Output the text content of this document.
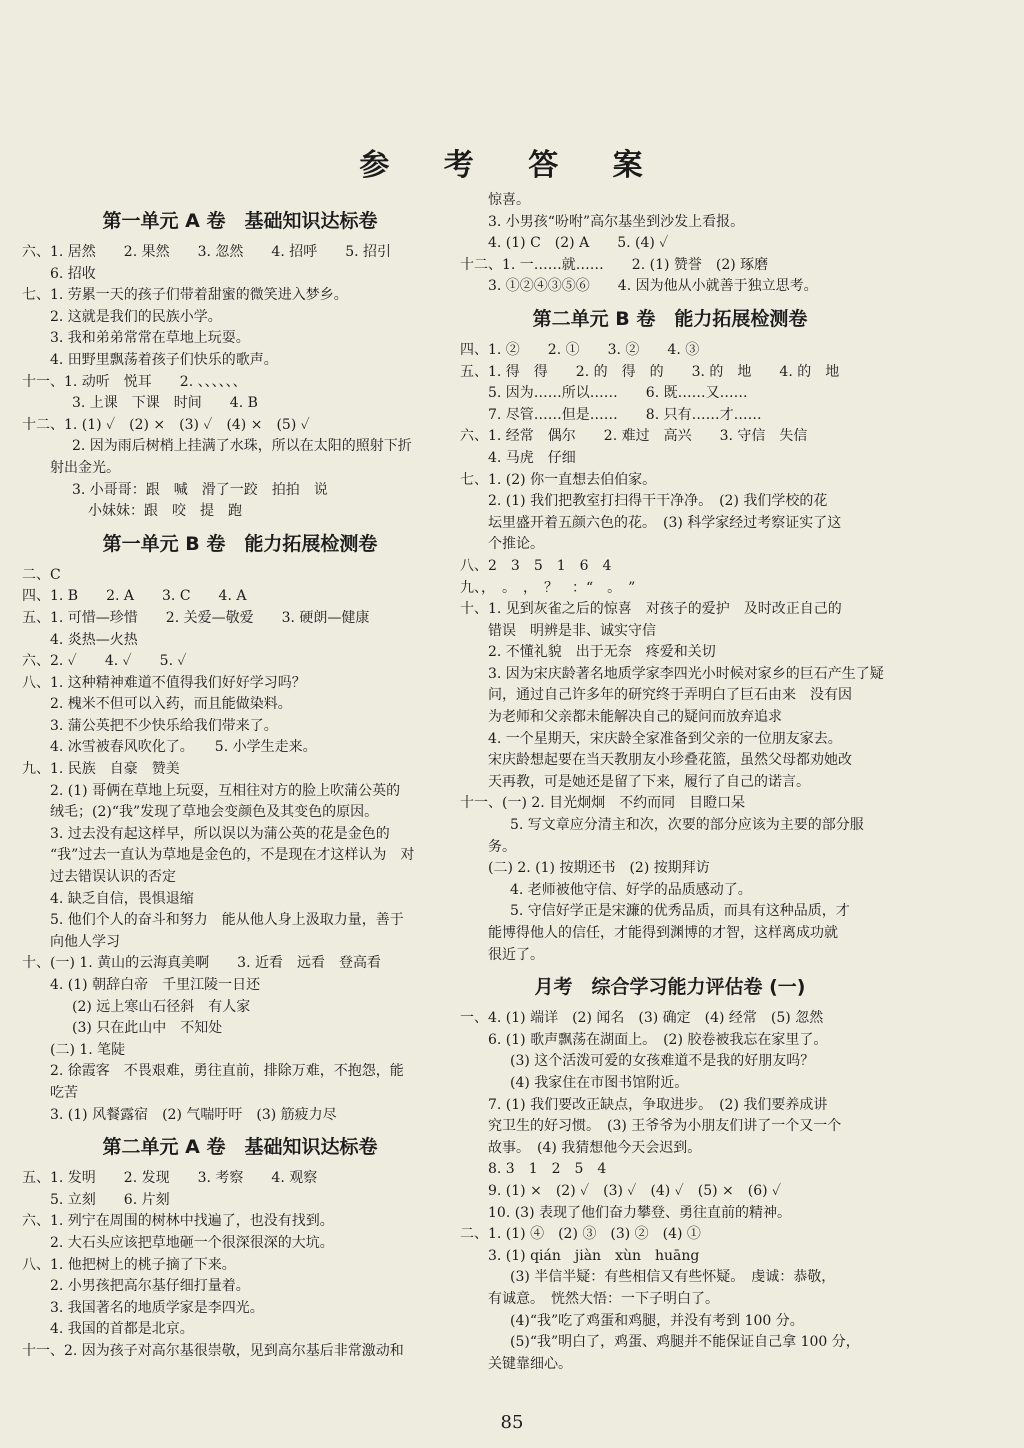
参 考 答 案
第一单元 A 卷　基础知识达标卷
六、1. 居然　　2. 果然　　3. 忽然　　4. 招呼　　5. 招引
6. 招收
七、1. 劳累一天的孩子们带着甜蜜的微笑进入梦乡。
2. 这就是我们的民族小学。
3. 我和弟弟常常在草地上玩耍。
4. 田野里飘荡着孩子们快乐的歌声。
十一、1. 动听　悦耳　　2. 、、、、、、
3. 上课　下课　时间　　4. B
十二、1. (1) ✓　(2) ×　(3) ✓　(4) ×　(5) ✓
2. 因为雨后树梢上挂满了水珠，所以在太阳的照射下折
射出金光。
3. 小哥哥：跟　喊　滑了一跤　拍拍　说
小妹妹：跟　咬　提　跑
第一单元 B 卷　能力拓展检测卷
二、C
四、1. B　　2. A　　3. C　　4. A
五、1. 可惜—珍惜　　2. 关爱—敬爱　　3. 硬朗—健康
4. 炎热—火热
六、2. ✓　　4. ✓　　5. ✓
八、1. 这种精神难道不值得我们好好学习吗？
2. 槐米不但可以入药，而且能做染料。
3. 蒲公英把不少快乐给我们带来了。
4. 冰雪被春风吹化了。　　5. 小学生走来。
九、1. 民族　自豪　赞美
2. (1) 哥俩在草地上玩耍，互相往对方的脸上吹蒲公英的
绒毛；(2)“我”发现了草地会变颜色及其变色的原因。
3. 过去没有起这样早，所以误以为蒲公英的花是金色的
“我”过去一直认为草地是金色的，不是现在才这样认为　对
过去错误认识的否定
4. 缺乏自信，畏惧退缩
5. 他们个人的奋斗和努力　能从他人身上汲取力量，善于
向他人学习
十、(一) 1. 黄山的云海真美啊　　3. 近看　远看　登高看
4. (1) 朝辞白帝　千里江陵一日还
(2) 远上寒山石径斜　有人家
(3) 只在此山中　不知处
(二) 1. 笔陡
2. 徐霞客　不畏艰难，勇往直前，排除万难，不抱怨，能
吃苦
3. (1) 风餐露宿　(2) 气喘吁吁　(3) 筋疲力尽
第二单元 A 卷　基础知识达标卷
五、1. 发明　　2. 发现　　3. 考察　　4. 观察
5. 立刻　　6. 片刻
六、1. 列宁在周围的树林中找遍了，也没有找到。
2. 大石头应该把草地砸一个很深很深的大坑。
八、1. 他把树上的桃子摘了下来。
2. 小男孩把高尔基仔细打量着。
3. 我国著名的地质学家是李四光。
4. 我国的首都是北京。
十一、2. 因为孩子对高尔基很崇敬，见到高尔基后非常激动和
惊喜。
3. 小男孩“吩咐”高尔基坐到沙发上看报。
4. (1) C　(2) A　　5. (4) ✓
十二、1. 一……就……　　2. (1) 赞誉　(2) 琢磨
3. ①②④③⑤⑥　　4. 因为他从小就善于独立思考。
第二单元 B 卷　能力拓展检测卷
四、1. ②　　2. ①　　3. ②　　4. ③
五、1. 得　得　　2. 的　得　的　　3. 的　地　　4. 的　地
5. 因为……所以……　　6. 既……又……
7. 尽管……但是……　　8. 只有……才……
六、1. 经常　偶尔　　2. 难过　高兴　　3. 守信　失信
4. 马虎　仔细
七、1. (2) 你一直想去伯伯家。
2. (1) 我们把教室打扫得干干净净。　(2) 我们学校的花
坛里盛开着五颜六色的花。　(3) 科学家经过考察证实了这
个推论。
八、2　3　5　1　6　4
九、，　。　，　？　：“　。　”
十、1. 见到灰雀之后的惊喜　对孩子的爱护　及时改正自己的
错误　明辨是非、诚实守信
2. 不懂礼貌　出于无奈　疼爱和关切
3. 因为宋庆龄著名地质学家李四光小时候对家乡的巨石产生了疑
问，通过自己许多年的研究终于弄明白了巨石由来　没有因
为老师和父亲都未能解决自己的疑问而放弃追求
4. 一个星期天，宋庆龄全家准备到父亲的一位朋友家去。
宋庆龄想起要在当天教朋友小珍叠花篮，虽然父母都劝她改
天再教，可是她还是留了下来，履行了自己的诺言。
十一、(一) 2. 目光炯炯　不约而同　目瞪口呆
5. 写文章应分清主和次，次要的部分应该为主要的部分服
务。
(二) 2. (1) 按期还书　(2) 按期拜访
4. 老师被他守信、好学的品质感动了。
5. 守信好学正是宋濂的优秀品质，而具有这种品质，才
能博得他人的信任，才能得到渊博的才智，这样离成功就
很近了。
月考　综合学习能力评估卷 (一)
一、4. (1) 端详　(2) 闻名　(3) 确定　(4) 经常　(5) 忽然
6. (1) 歌声飘荡在湖面上。　(2) 胶卷被我忘在家里了。
(3) 这个活泼可爱的女孩难道不是我的好朋友吗？
(4) 我家住在市图书馆附近。
7. (1) 我们要改正缺点，争取进步。　(2) 我们要养成讲
究卫生的好习惯。　(3) 王爷爷为小朋友们讲了一个又一个
故事。　(4) 我猜想他今天会迟到。
8. 3　1　2　5　4
9. (1) ×　(2) ✓　(3) ✓　(4) ✓　(5) ×　(6) ✓
10. (3) 表现了他们奋力攀登、勇往直前的精神。
二、1. (1) ④　(2) ③　(3) ②　(4) ①
3. (1) qián　jiàn　xùn　huāng
(3) 半信半疑：有些相信又有些怀疑。　虔诚：恭敬，
有诚意。　恍然大悟：一下子明白了。
(4)“我”吃了鸡蛋和鸡腿，并没有考到 100 分。
(5)“我”明白了，鸡蛋、鸡腿并不能保证自己拿 100 分，
关键靠细心。
85
